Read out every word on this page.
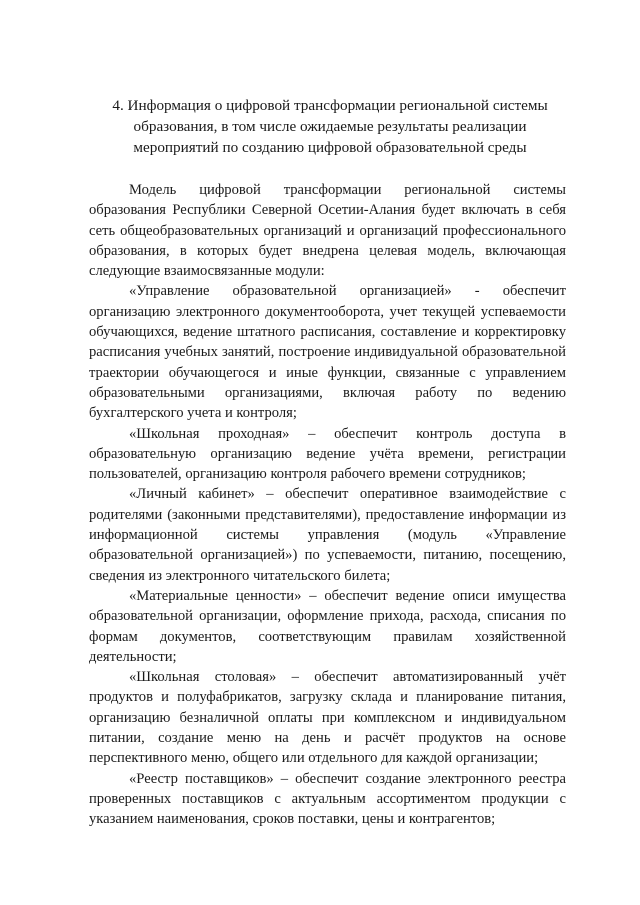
4. Информация о цифровой трансформации региональной системы образования, в том числе ожидаемые результаты реализации мероприятий по созданию цифровой образовательной среды

Модель цифровой трансформации региональной системы образования Республики Северной Осетии-Алания будет включать в себя сеть общеобразовательных организаций и организаций профессионального образования, в которых будет внедрена целевая модель, включающая следующие взаимосвязанные модули:

«Управление образовательной организацией» - обеспечит организацию электронного документооборота, учет текущей успеваемости обучающихся, ведение штатного расписания, составление и корректировку расписания учебных занятий, построение индивидуальной образовательной траектории обучающегося и иные функции, связанные с управлением образовательными организациями, включая работу по ведению бухгалтерского учета и контроля;

«Школьная проходная» – обеспечит контроль доступа в образовательную организацию ведение учёта времени, регистрации пользователей, организацию контроля рабочего времени сотрудников;

«Личный кабинет» – обеспечит оперативное взаимодействие с родителями (законными представителями), предоставление информации из информационной системы управления (модуль «Управление образовательной организацией») по успеваемости, питанию, посещению, сведения из электронного читательского билета;

«Материальные ценности» – обеспечит ведение описи имущества образовательной организации, оформление прихода, расхода, списания по формам документов, соответствующим правилам хозяйственной деятельности;

«Школьная столовая» – обеспечит автоматизированный учёт продуктов и полуфабрикатов, загрузку склада и планирование питания, организацию безналичной оплаты при комплексном и индивидуальном питании, создание меню на день и расчёт продуктов на основе перспективного меню, общего или отдельного для каждой организации;

«Реестр поставщиков» – обеспечит создание электронного реестра проверенных поставщиков с актуальным ассортиментом продукции с указанием наименования, сроков поставки, цены и контрагентов;
